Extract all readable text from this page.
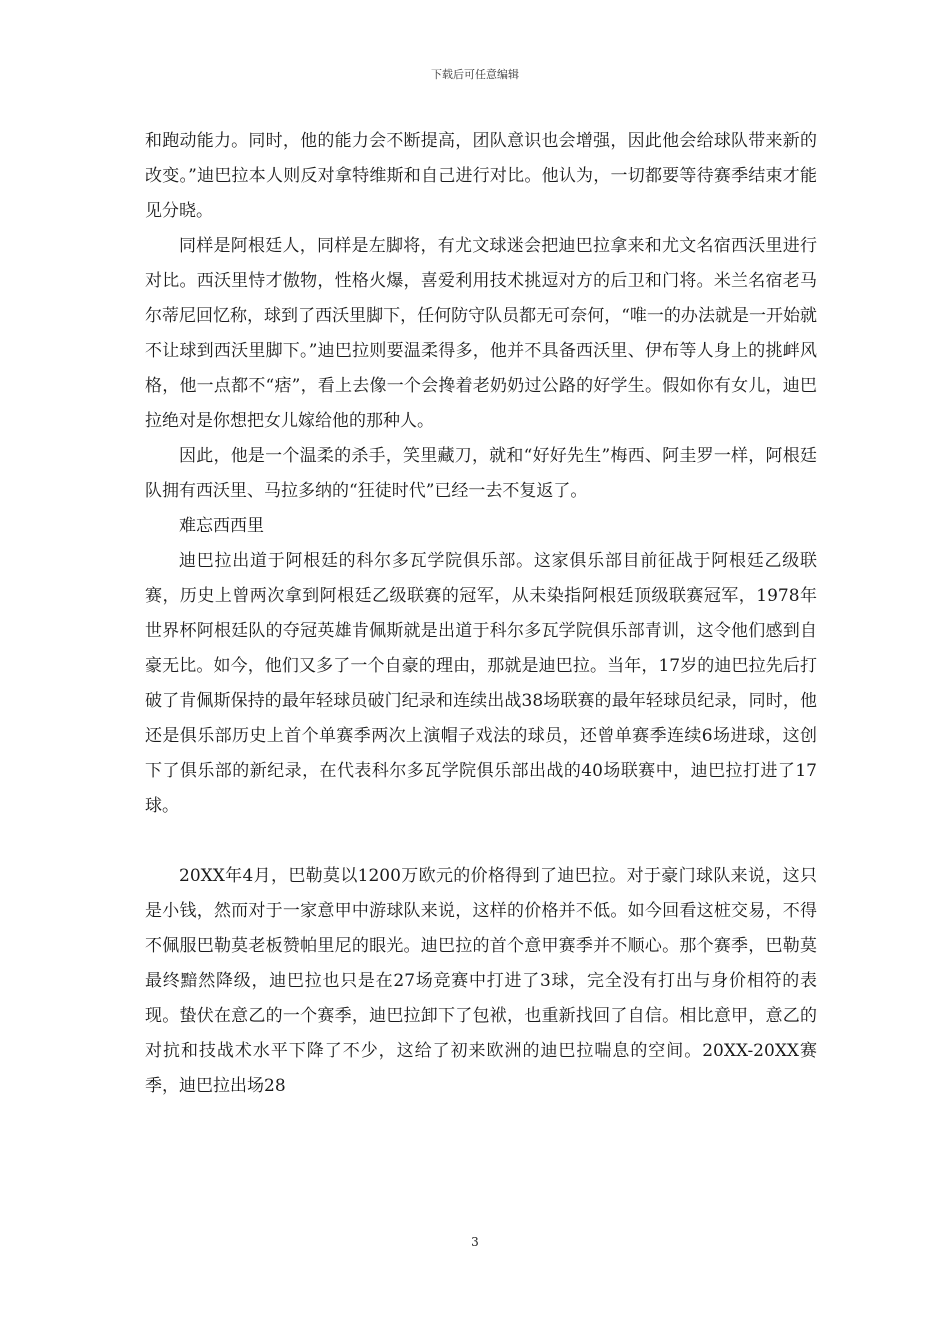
下载后可任意编辑

和跑动能力。同时，他的能力会不断提高，团队意识也会增强，因此他会给球队带来新的改变。”迪巴拉本人则反对拿特维斯和自己进行对比。他认为，一切都要等待赛季结束才能见分晓。

同样是阿根廷人，同样是左脚将，有尤文球迷会把迪巴拉拿来和尤文名宿西沃里进行对比。西沃里恃才傲物，性格火爆，喜爱利用技术挑逗对方的后卫和门将。米兰名宿老马尔蒂尼回忆称，球到了西沃里脚下，任何防守队员都无可奈何，“唯一的办法就是一开始就不让球到西沃里脚下。”迪巴拉则要温柔得多，他并不具备西沃里、伊布等人身上的挑衅风格，他一点都不“痞”，看上去像一个会搀着老奶奶过公路的好学生。假如你有女儿，迪巴拉绝对是你想把女儿嫁给他的那种人。

因此，他是一个温柔的杀手，笑里藏刀，就和“好好先生”梅西、阿圭罗一样，阿根廷队拥有西沃里、马拉多纳的“狂徒时代”已经一去不复返了。

难忘西西里

迪巴拉出道于阿根廷的科尔多瓦学院俱乐部。这家俱乐部目前征战于阿根廷乙级联赛，历史上曾两次拿到阿根廷乙级联赛的冠军，从未染指阿根廷顶级联赛冠军，1978年世界杯阿根廷队的夺冠英雄肯佩斯就是出道于科尔多瓦学院俱乐部青训，这令他们感到自豪无比。如今，他们又多了一个自豪的理由，那就是迪巴拉。当年，17岁的迪巴拉先后打破了肯佩斯保持的最年轻球员破门纪录和连续出战38场联赛的最年轻球员纪录，同时，他还是俱乐部历史上首个单赛季两次上演帽子戏法的球员，还曾单赛季连续6场进球，这创下了俱乐部的新纪录，在代表科尔多瓦学院俱乐部出战的40场联赛中，迪巴拉打进了17球。

20XX年4月，巴勒莫以1200万欧元的价格得到了迪巴拉。对于豪门球队来说，这只是小钱，然而对于一家意甲中游球队来说，这样的价格并不低。如今回看这桩交易，不得不佩服巴勒莫老板赞帕里尼的眼光。迪巴拉的首个意甲赛季并不顺心。那个赛季，巴勒莫最终黯然降级，迪巴拉也只是在27场竞赛中打进了3球，完全没有打出与身价相符的表现。蛰伏在意乙的一个赛季，迪巴拉卸下了包袱，也重新找回了自信。相比意甲，意乙的对抗和技战术水平下降了不少，这给了初来欧洲的迪巴拉喘息的空间。20XX-20XX赛季，迪巴拉出场28

3
